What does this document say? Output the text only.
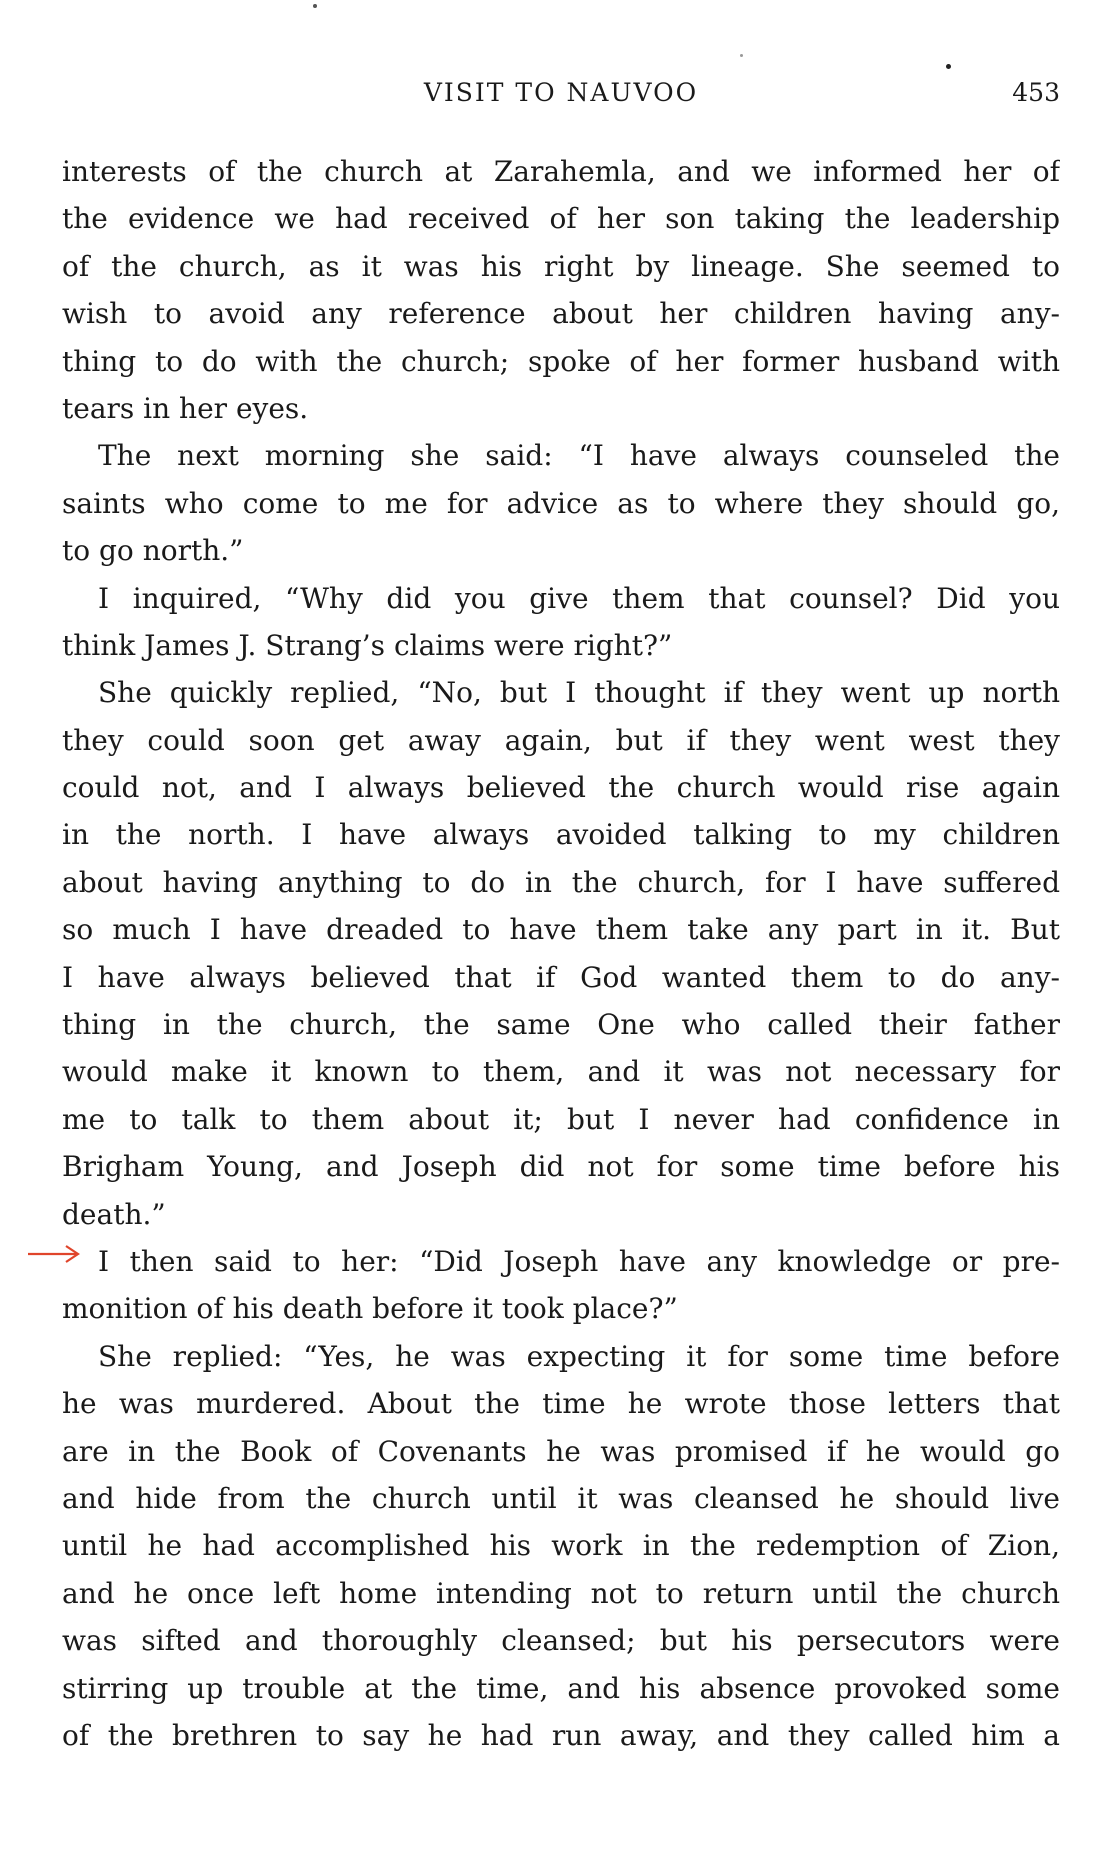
VISIT TO NAUVOO	453
interests of the church at Zarahemla, and we informed her of
the evidence we had received of her son taking the leadership
of the church, as it was his right by lineage. She seemed to
wish to avoid any reference about her children having any-
thing to do with the church; spoke of her former husband with
tears in her eyes.
The next morning she said: “I have always counseled the
saints who come to me for advice as to where they should go,
to go north.”
I inquired, “Why did you give them that counsel? Did you
think James J. Strang’s claims were right?”
She quickly replied, “No, but I thought if they went up north
they could soon get away again, but if they went west they
could not, and I always believed the church would rise again
in the north. I have always avoided talking to my children
about having anything to do in the church, for I have suffered
so much I have dreaded to have them take any part in it. But
I have always believed that if God wanted them to do any-
thing in the church, the same One who called their father
would make it known to them, and it was not necessary for
me to talk to them about it; but I never had confidence in
Brigham Young, and Joseph did not for some time before his
death.”
I then said to her: “Did Joseph have any knowledge or pre-
monition of his death before it took place?”
She replied: “Yes, he was expecting it for some time before
he was murdered. About the time he wrote those letters that
are in the Book of Covenants he was promised if he would go
and hide from the church until it was cleansed he should live
until he had accomplished his work in the redemption of Zion,
and he once left home intending not to return until the church
was sifted and thoroughly cleansed; but his persecutors were
stirring up trouble at the time, and his absence provoked some
of the brethren to say he had run away, and they called him a
